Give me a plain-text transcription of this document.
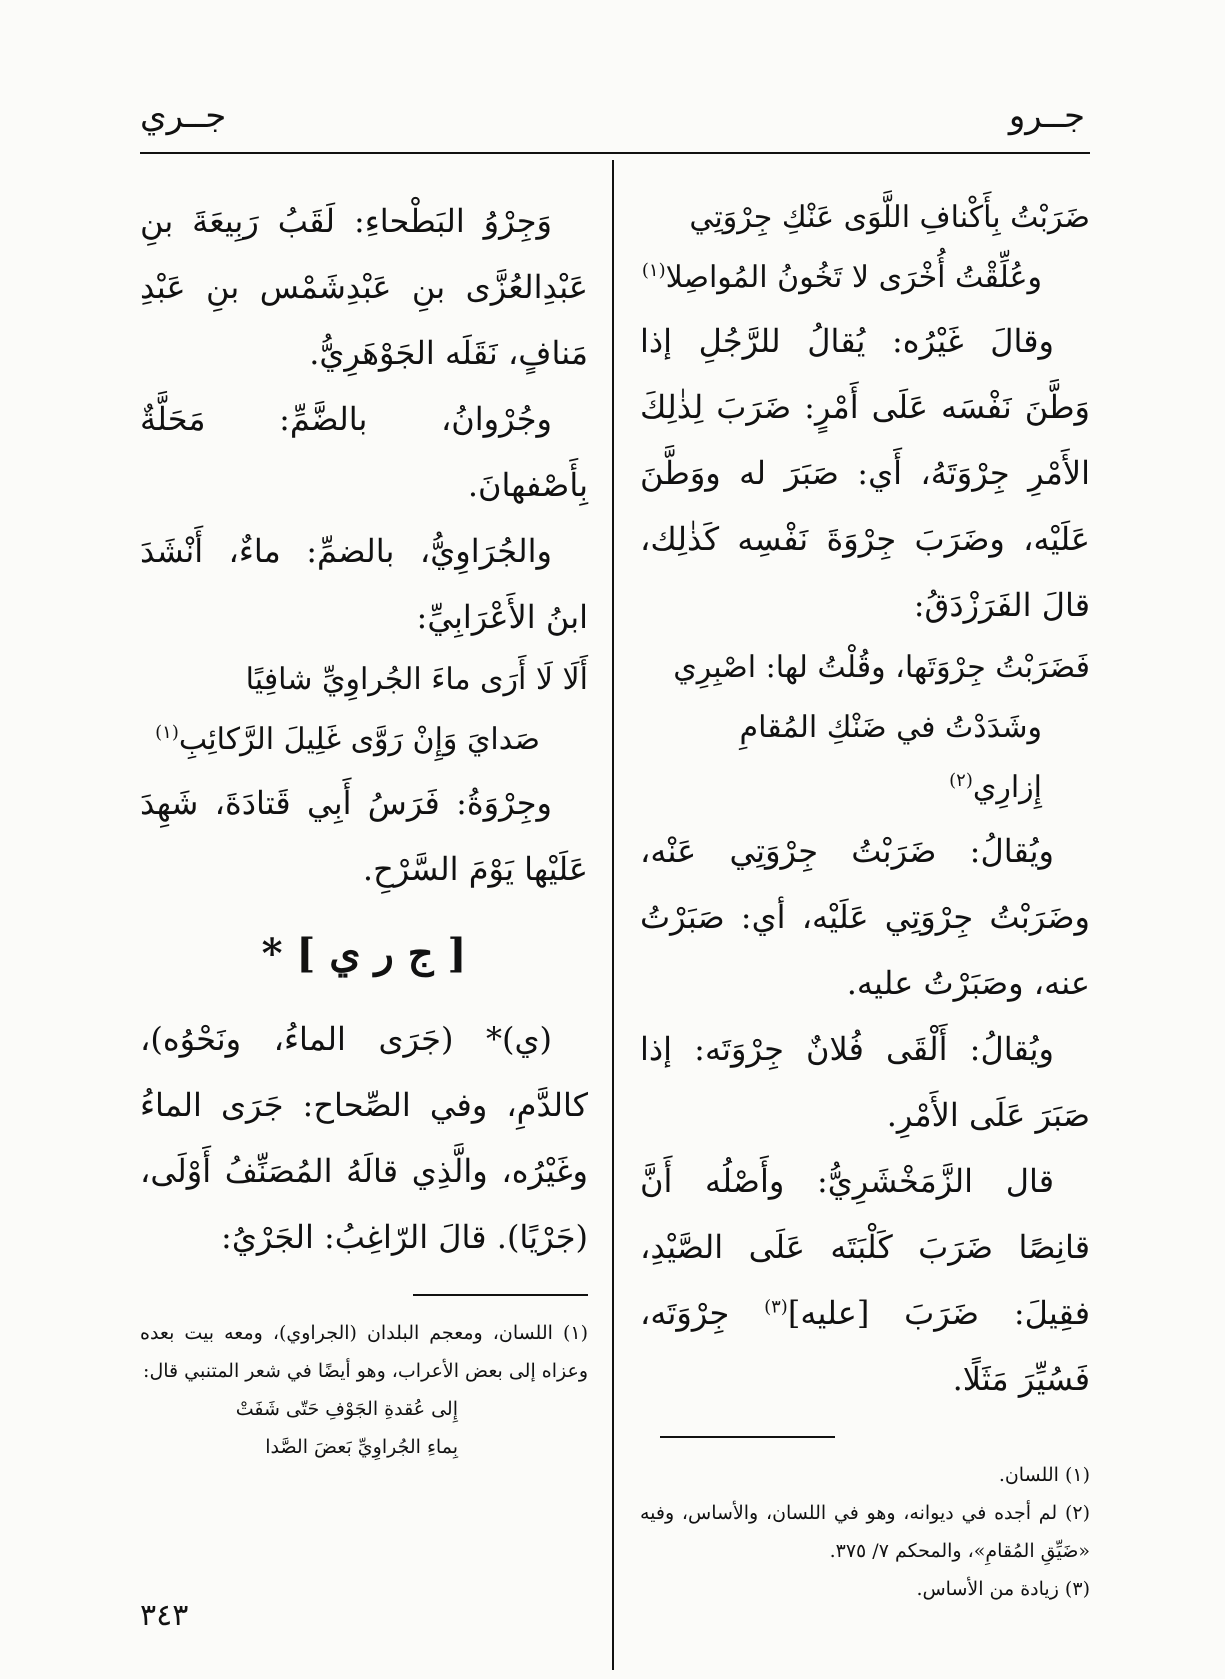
جــرو
جــري

ضَرَبْتُ بِأَكْنافِ اللَّوَى عَنْكِ جِرْوَتِي

وعُلِّقْتُ أُخْرَى لا تَخُونُ المُواصِلا$^{(١)}$

وقالَ غَيْرُه: يُقالُ للرَّجُلِ إذا وَطَّنَ نَفْسَه عَلَى أَمْرٍ: ضَرَبَ لِذٰلِكَ الأَمْرِ جِرْوَتَهُ، أَي: صَبَرَ له ووَطَّنَ عَلَيْه، وضَرَبَ جِرْوَةَ نَفْسِه كَذٰلِك، قالَ الفَرَزْدَقُ:

فَضَرَبْتُ جِرْوَتَها، وقُلْتُ لها: اصْبِرِي

وشَدَدْتُ في ضَنْكِ المُقامِ إِزارِي$^{(٢)}$

ويُقالُ: ضَرَبْتُ جِرْوَتِي عَنْه، وضَرَبْتُ جِرْوَتِي عَلَيْه، أي: صَبَرْتُ عنه، وصَبَرْتُ عليه.

ويُقالُ: أَلْقَى فُلانٌ جِرْوَتَه: إذا صَبَرَ عَلَى الأَمْرِ.

قال الزَّمَخْشَرِيُّ: وأَصْلُه أَنَّ قانِصًا ضَرَبَ كَلْبَتَه عَلَى الصَّيْدِ، فقِيلَ: ضَرَبَ [عليه]$^{(٣)}$ جِرْوَتَه، فَسُيِّرَ مَثَلًا.

(١) اللسان.

(٢) لم أجده في ديوانه، وهو في اللسان، والأساس، وفيه «ضَيِّقِ المُقامِ»، والمحكم ٧/ ٣٧٥.

(٣) زيادة من الأساس.

وَجِرْوُ البَطْحاءِ: لَقَبُ رَبِيعَةَ بنِ عَبْدِالعُزَّى بنِ عَبْدِشَمْس بنِ عَبْدِ مَنافٍ، نَقَلَه الجَوْهَرِيُّ.

وجُرْوانُ، بالضَّمِّ: مَحَلَّةٌ بِأَصْفهانَ.

والجُرَاوِيُّ، بالضمِّ: ماءٌ، أَنْشَدَ ابنُ الأَعْرَابِيِّ:

أَلَا لَا أَرَى ماءَ الجُراوِيِّ شافِيًا

صَدايَ وَإِنْ رَوَّى غَلِيلَ الرَّكائِبِ$^{(١)}$

وجِرْوَةُ: فَرَسُ أَبِي قَتادَةَ، شَهِدَ عَلَيْها يَوْمَ السَّرْحِ.

[ ج ر ي ] *

(ي)* (جَرَى الماءُ، ونَحْوُه)، كالدَّمِ، وفي الصِّحاح: جَرَى الماءُ وغَيْرُه، والَّذِي قالَهُ المُصَنِّفُ أَوْلَى، (جَرْيًا). قالَ الرّاغِبُ: الجَرْيُ:

(١) اللسان، ومعجم البلدان (الجراوي)، ومعه بيت بعده وعزاه إلى بعض الأعراب، وهو أيضًا في شعر المتنبي قال:

إِلى عُقدةِ الجَوْفِ حَتّى شَفَتْ

بِماءِ الجُراوِيِّ بَعضَ الصَّدا

٣٤٣
